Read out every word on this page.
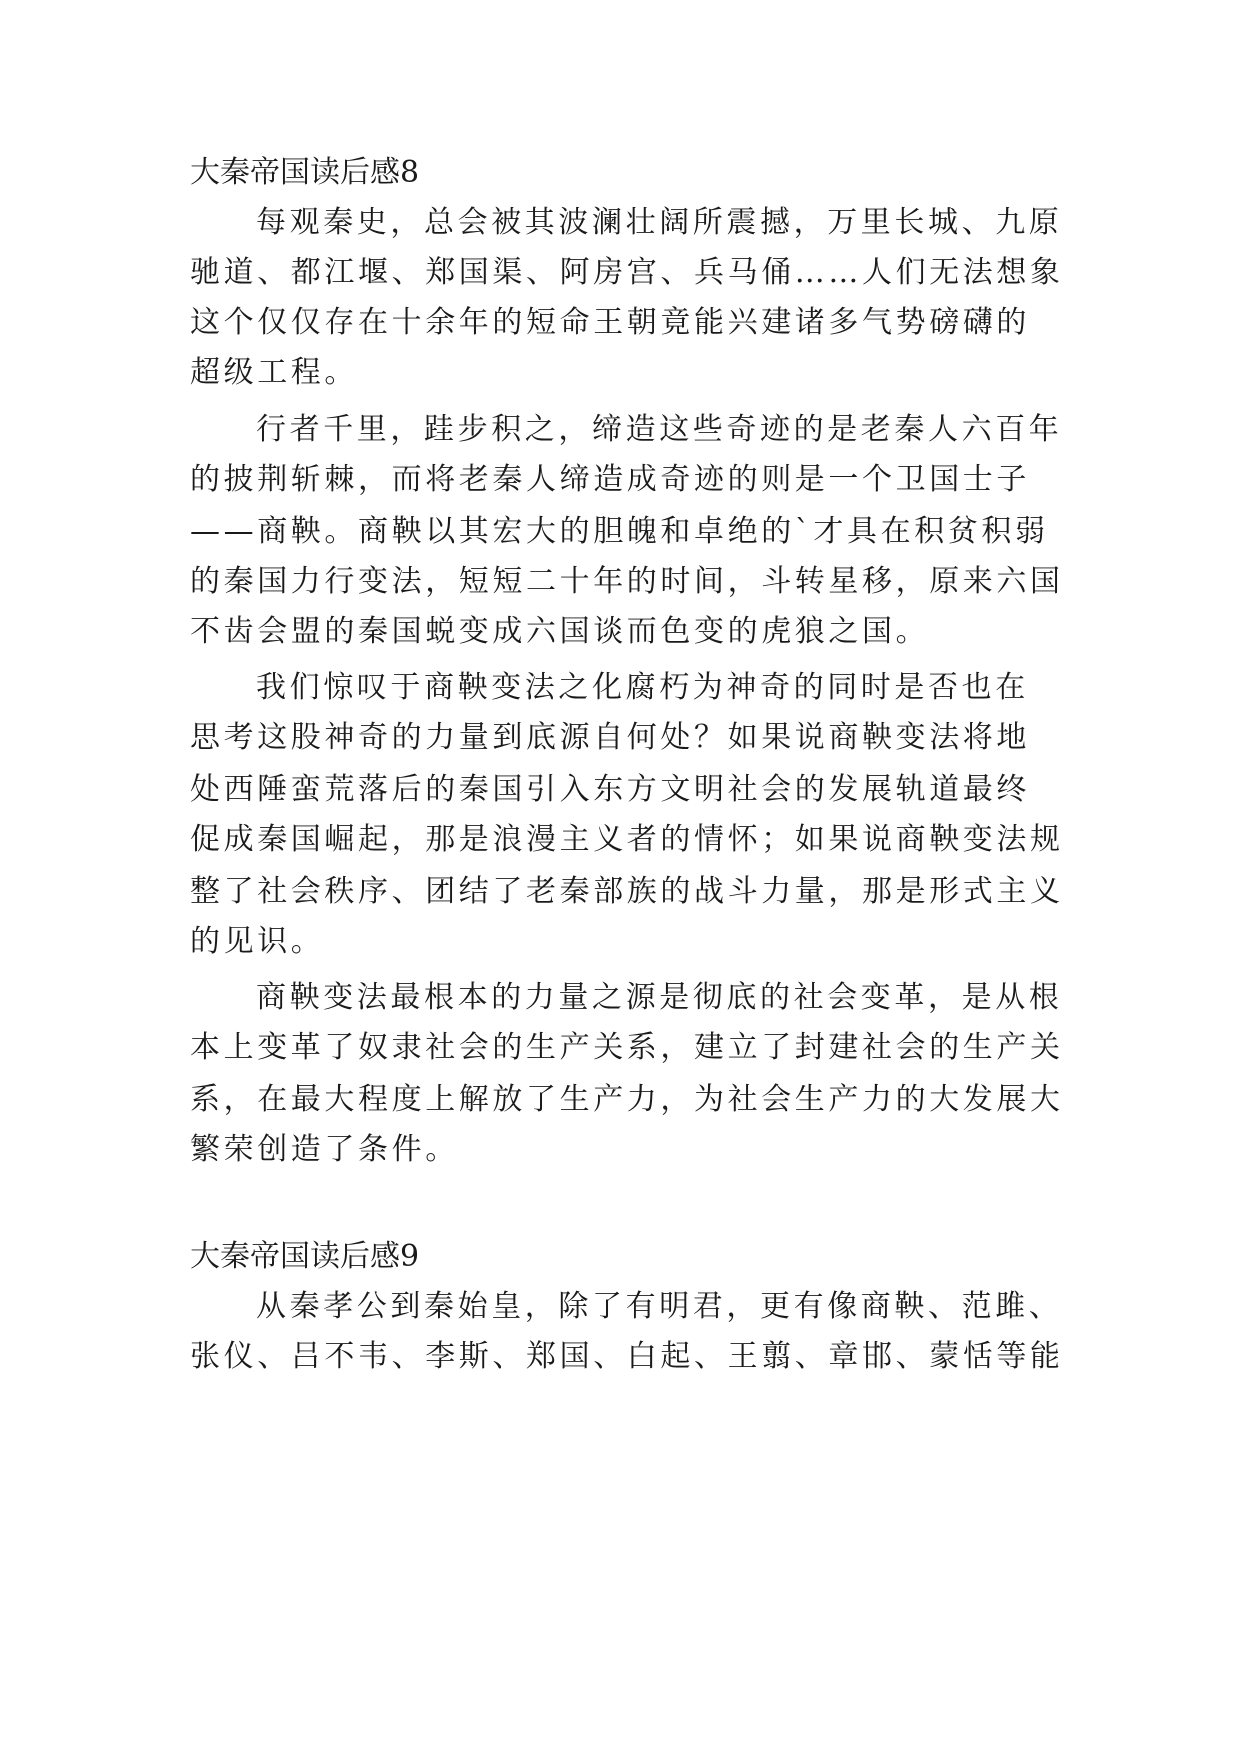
大秦帝国读后感8

每观秦史，总会被其波澜壮阔所震撼，万里长城、九原

驰道、都江堰、郑国渠、阿房宫、兵马俑……人们无法想象

这个仅仅存在十余年的短命王朝竟能兴建诸多气势磅礴的

超级工程。

行者千里，跬步积之，缔造这些奇迹的是老秦人六百年

的披荆斩棘，而将老秦人缔造成奇迹的则是一个卫国士子

——商鞅。商鞅以其宏大的胆魄和卓绝的`才具在积贫积弱

的秦国力行变法，短短二十年的时间，斗转星移，原来六国

不齿会盟的秦国蜕变成六国谈而色变的虎狼之国。

我们惊叹于商鞅变法之化腐朽为神奇的同时是否也在

思考这股神奇的力量到底源自何处？如果说商鞅变法将地

处西陲蛮荒落后的秦国引入东方文明社会的发展轨道最终

促成秦国崛起，那是浪漫主义者的情怀；如果说商鞅变法规

整了社会秩序、团结了老秦部族的战斗力量，那是形式主义

的见识。

商鞅变法最根本的力量之源是彻底的社会变革，是从根

本上变革了奴隶社会的生产关系，建立了封建社会的生产关

系，在最大程度上解放了生产力，为社会生产力的大发展大

繁荣创造了条件。

大秦帝国读后感9

从秦孝公到秦始皇，除了有明君，更有像商鞅、范雎、

张仪、吕不韦、李斯、郑国、白起、王翦、章邯、蒙恬等能
